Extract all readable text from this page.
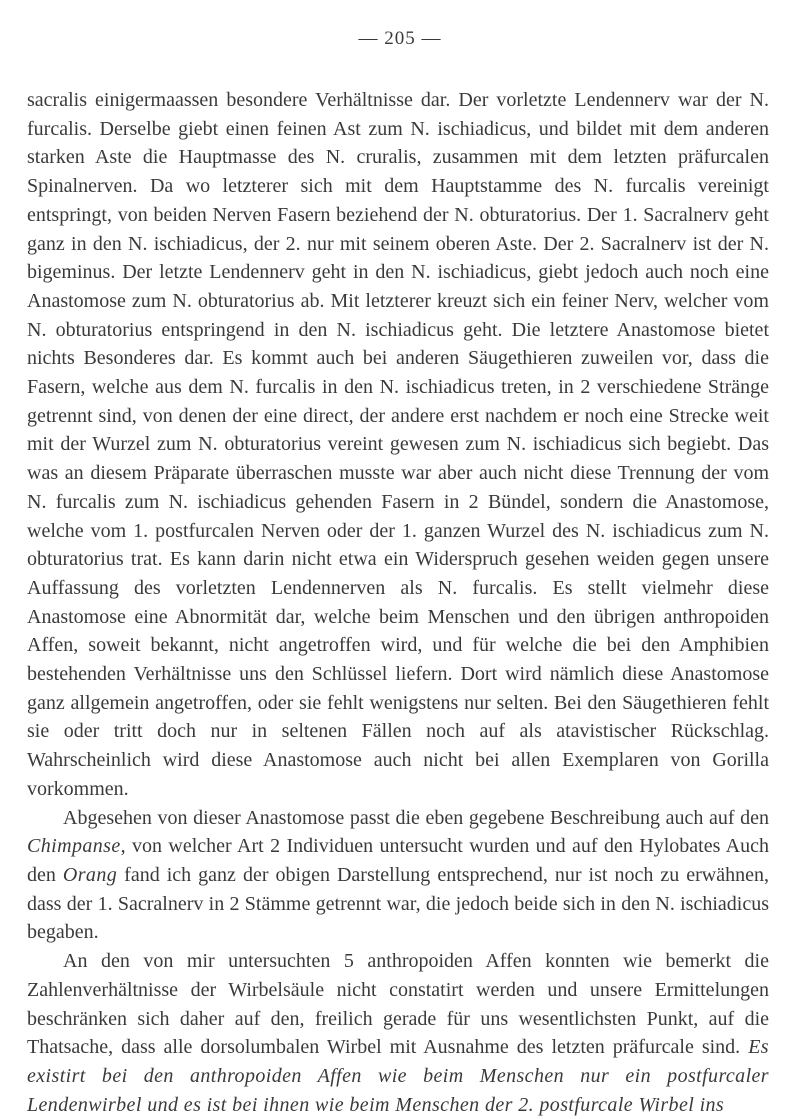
— 205 —

sacralis einigermaassen besondere Verhältnisse dar. Der vorletzte Lendennerv war der N. furcalis. Derselbe giebt einen feinen Ast zum N. ischiadicus, und bildet mit dem anderen starken Aste die Hauptmasse des N. cruralis, zusammen mit dem letzten präfurcalen Spinalnerven. Da wo letzterer sich mit dem Hauptstamme des N. furcalis vereinigt entspringt, von beiden Nerven Fasern beziehend der N. obturatorius. Der 1. Sacralnerv geht ganz in den N. ischiadicus, der 2. nur mit seinem oberen Aste. Der 2. Sacralnerv ist der N. bigeminus. Der letzte Lendennerv geht in den N. ischiadicus, giebt jedoch auch noch eine Anastomose zum N. obturatorius ab. Mit letzterer kreuzt sich ein feiner Nerv, welcher vom N. obturatorius entspringend in den N. ischiadicus geht. Die letztere Anastomose bietet nichts Besonderes dar. Es kommt auch bei anderen Säugethieren zuweilen vor, dass die Fasern, welche aus dem N. furcalis in den N. ischiadicus treten, in 2 verschiedene Stränge getrennt sind, von denen der eine direct, der andere erst nachdem er noch eine Strecke weit mit der Wurzel zum N. obturatorius vereint gewesen zum N. ischiadicus sich begiebt. Das was an diesem Präparate überraschen musste war aber auch nicht diese Trennung der vom N. furcalis zum N. ischiadicus gehenden Fasern in 2 Bündel, sondern die Anastomose, welche vom 1. postfurcalen Nerven oder der 1. ganzen Wurzel des N. ischiadicus zum N. obturatorius trat. Es kann darin nicht etwa ein Widerspruch gesehen weiden gegen unsere Auffassung des vorletzten Lendennerven als N. furcalis. Es stellt vielmehr diese Anastomose eine Abnormität dar, welche beim Menschen und den übrigen anthropoiden Affen, soweit bekannt, nicht angetroffen wird, und für welche die bei den Amphibien bestehenden Verhältnisse uns den Schlüssel liefern. Dort wird nämlich diese Anastomose ganz allgemein angetroffen, oder sie fehlt wenigstens nur selten. Bei den Säugethieren fehlt sie oder tritt doch nur in seltenen Fällen noch auf als atavistischer Rückschlag. Wahrscheinlich wird diese Anastomose auch nicht bei allen Exemplaren von Gorilla vorkommen.

Abgesehen von dieser Anastomose passt die eben gegebene Beschreibung auch auf den Chimpanse, von welcher Art 2 Individuen untersucht wurden und auf den Hylobates Auch den Orang fand ich ganz der obigen Darstellung entsprechend, nur ist noch zu erwähnen, dass der 1. Sacralnerv in 2 Stämme getrennt war, die jedoch beide sich in den N. ischiadicus begaben.

An den von mir untersuchten 5 anthropoiden Affen konnten wie bemerkt die Zahlenverhältnisse der Wirbelsäule nicht constatirt werden und unsere Ermittelungen beschränken sich daher auf den, freilich gerade für uns wesentlichsten Punkt, auf die Thatsache, dass alle dorsolumbalen Wirbel mit Ausnahme des letzten präfurcale sind. Es existirt bei den anthropoiden Affen wie beim Menschen nur ein postfurcaler Lendenwirbel und es ist bei ihnen wie beim Menschen der 2. postfurcale Wirbel ins
